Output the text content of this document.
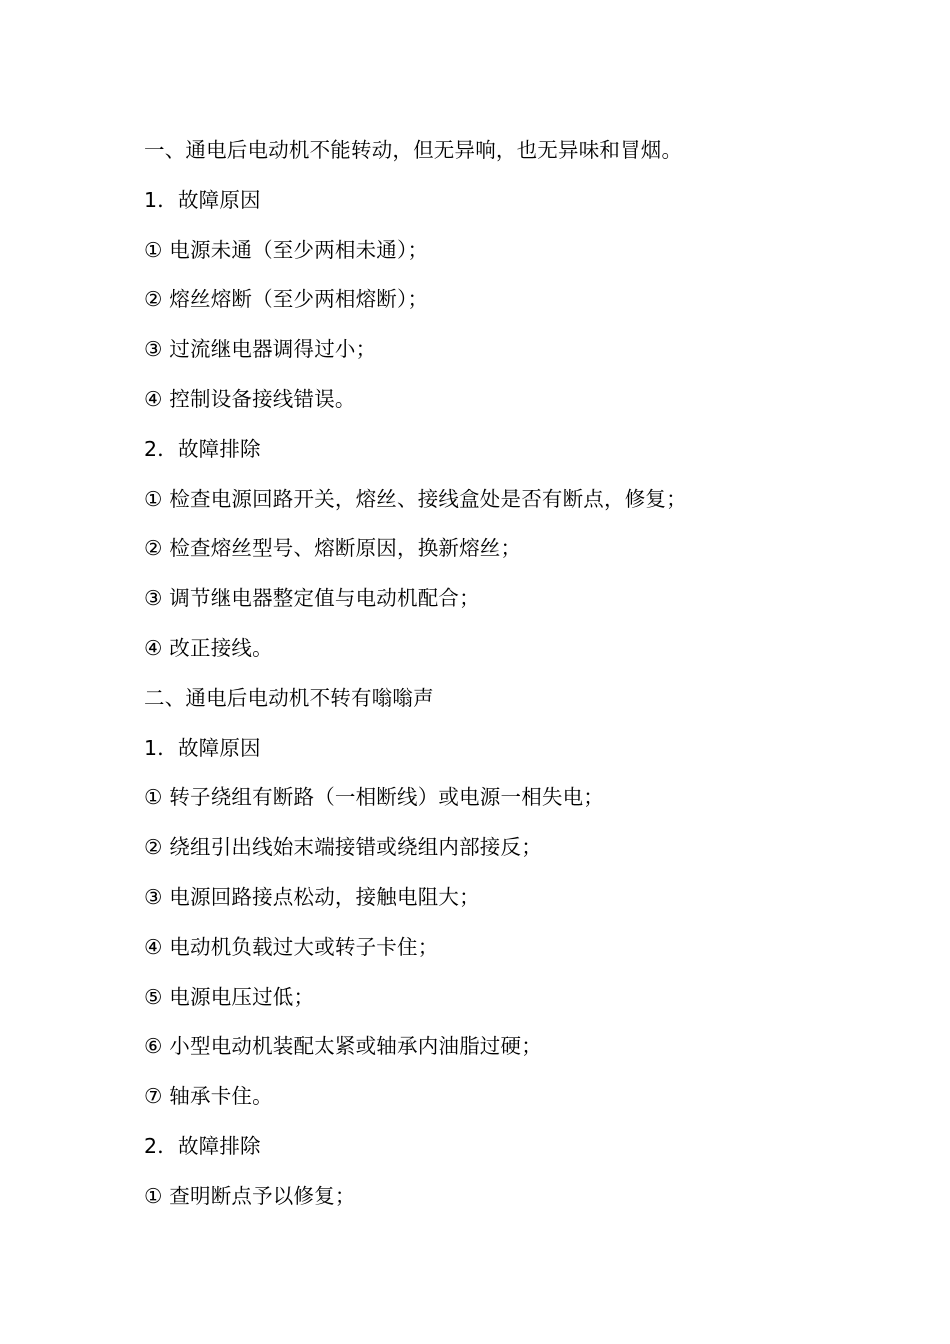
一、通电后电动机不能转动，但无异响，也无异味和冒烟。
1．故障原因
① 电源未通（至少两相未通）；
② 熔丝熔断（至少两相熔断）；
③ 过流继电器调得过小；
④ 控制设备接线错误。
2．故障排除
① 检查电源回路开关，熔丝、接线盒处是否有断点，修复；
② 检查熔丝型号、熔断原因，换新熔丝；
③ 调节继电器整定值与电动机配合；
④ 改正接线。
二、通电后电动机不转有嗡嗡声
1．故障原因
① 转子绕组有断路（一相断线）或电源一相失电；
② 绕组引出线始末端接错或绕组内部接反；
③ 电源回路接点松动，接触电阻大；
④ 电动机负载过大或转子卡住；
⑤ 电源电压过低；
⑥ 小型电动机装配太紧或轴承内油脂过硬；
⑦ 轴承卡住。
2．故障排除
① 查明断点予以修复；
